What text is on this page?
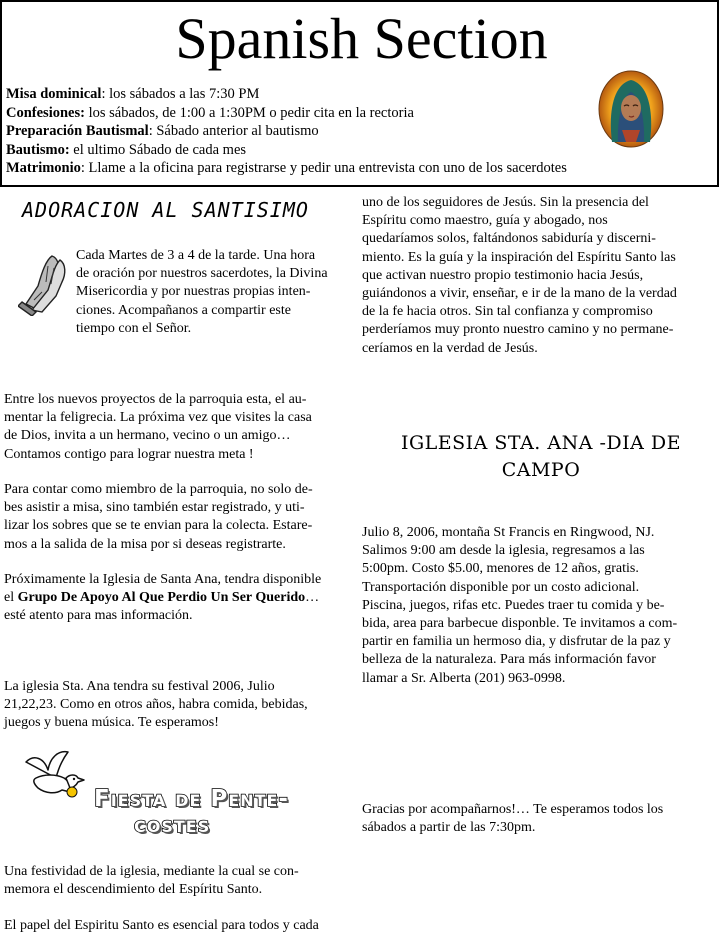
Spanish Section
Misa dominical: los sábados a las 7:30 PM
Confesiones: los sábados, de 1:00 a 1:30PM o pedir cita en la rectoria
Preparación Bautismal: Sábado anterior al bautismo
Bautismo: el ultimo Sábado de cada mes
Matrimonio: Llame a la oficina para registrarse y pedir una entrevista con uno de los sacerdotes
ADORACION AL SANTISIMO

Cada Martes de 3 a 4 de la tarde. Una hora

de oración por nuestros sacerdotes, la Divina

Misericordia y por nuestras propias inten-

ciones. Acompañanos a compartir este

tiempo con el Señor.

Entre los nuevos proyectos de la parroquia esta, el au-

mentar la feligrecia. La próxima vez que visites la casa

de Dios, invita a un hermano, vecino o un amigo…

Contamos contigo para lograr nuestra meta !

Para contar como miembro de la parroquia, no solo de-

bes asistir a misa, sino también estar registrado, y uti-

lizar los sobres que se te envian para la colecta. Estare-

mos a la salida de la misa por si deseas registrarte.

Próximamente la Iglesia de Santa Ana, tendra disponible

el Grupo De Apoyo Al Que Perdio Un Ser Querido…

esté atento para mas información.

La iglesia Sta. Ana tendra su festival 2006, Julio

21,22,23. Como en otros años, habra comida, bebidas,

juegos y buena música. Te esperamos!

Fiesta de Pente-
costes

Una festividad de la iglesia, mediante la cual se con-

memora el descendimiento del Espíritu Santo.

El papel del Espiritu Santo es esencial para todos y cada

uno de los seguidores de Jesús. Sin la presencia del

Espíritu como maestro, guía y abogado, nos

quedaríamos solos, faltándonos sabiduría y discerni-

miento. Es la guía y la inspiración del Espíritu Santo las

que activan nuestro propio testimonio hacia Jesús,

guiándonos a vivir, enseñar, e ir de la mano de la verdad

de la fe hacia otros. Sin tal confianza y compromiso

perderíamos muy pronto nuestro camino y no permane-

ceríamos en la verdad de Jesús.

IGLESIA STA. ANA -DIA DE
CAMPO

Julio 8, 2006, montaña St Francis en Ringwood, NJ.

Salimos 9:00 am desde la iglesia, regresamos a las

5:00pm. Costo $5.00, menores de 12 años, gratis.

Transportación disponible por un costo adicional.

Piscina, juegos, rifas etc. Puedes traer tu comida y be-

bida, area para barbecue disponble. Te invitamos a com-

partir en familia un hermoso dia, y disfrutar de la paz y

belleza de la naturaleza. Para más información favor

llamar a Sr. Alberta (201) 963-0998.

Gracias por acompañarnos!… Te esperamos todos los

sábados a partir de las 7:30pm.
